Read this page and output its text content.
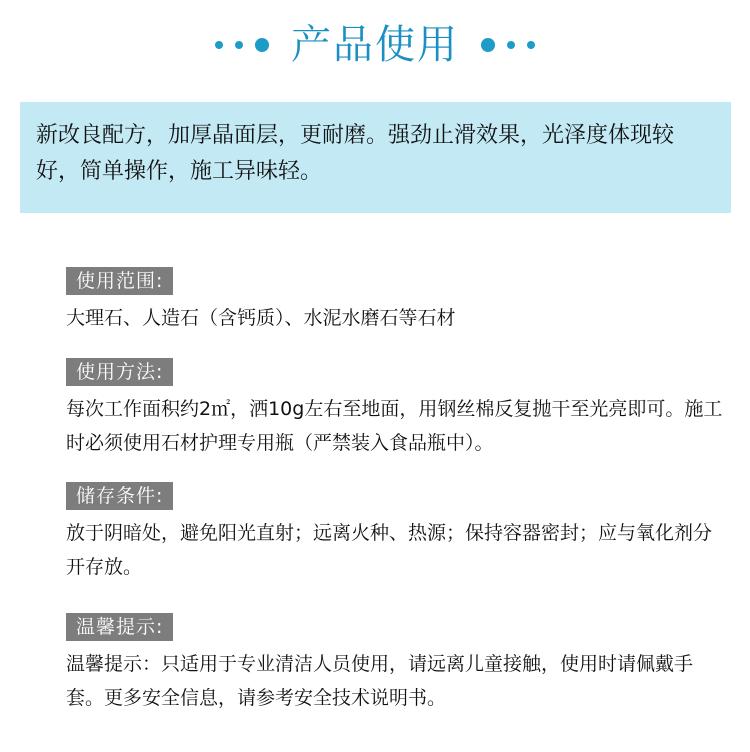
产品使用
新改良配方，加厚晶面层，更耐磨。强劲止滑效果，光泽度体现较好，简单操作，施工异味轻。
使用范围:
大理石、人造石（含钙质）、水泥水磨石等石材
使用方法:
每次工作面积约2㎡，洒10g左右至地面，用钢丝棉反复抛干至光亮即可。施工时必须使用石材护理专用瓶（严禁装入食品瓶中）。
储存条件:
放于阴暗处，避免阳光直射；远离火种、热源；保持容器密封；应与氧化剂分开存放。
温馨提示:
温馨提示：只适用于专业清洁人员使用，请远离儿童接触，使用时请佩戴手套。更多安全信息，请参考安全技术说明书。
